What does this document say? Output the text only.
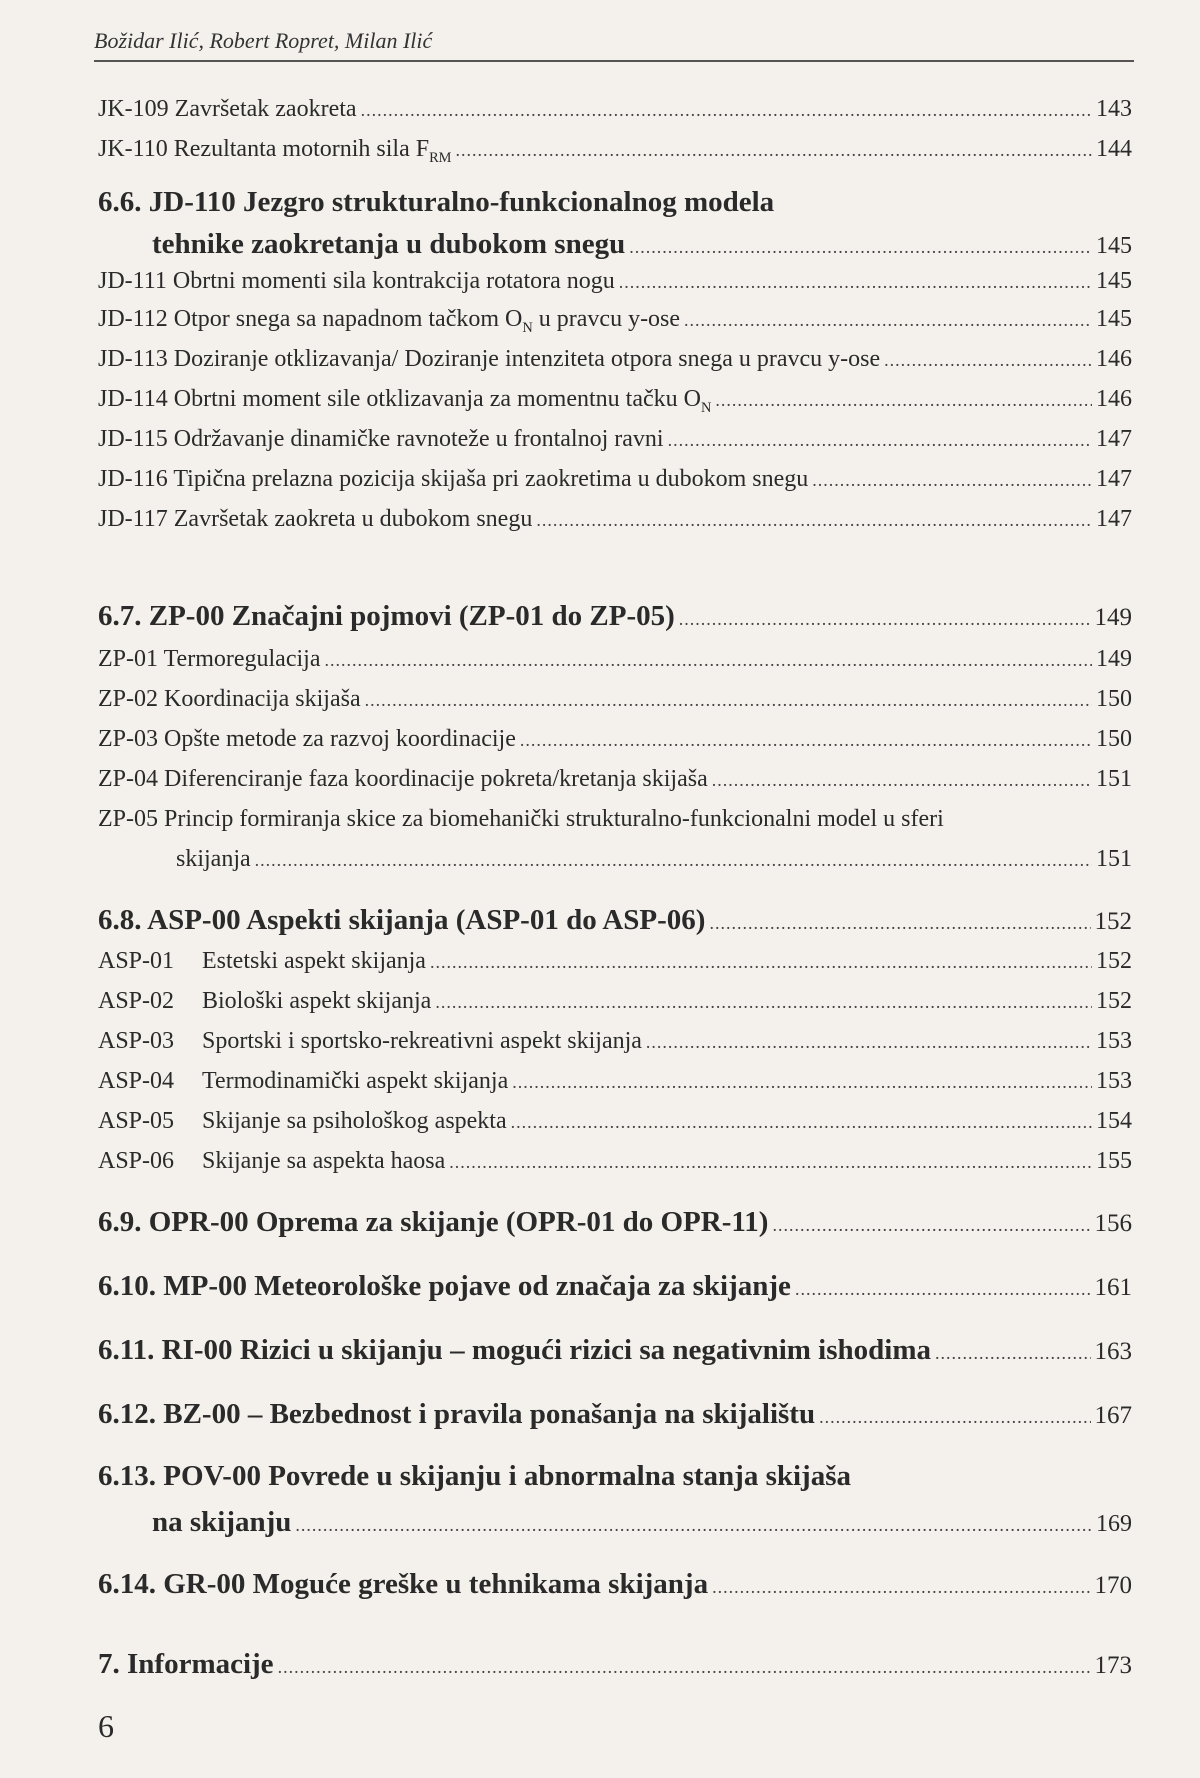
Božidar Ilić, Robert Ropret, Milan Ilić
JK-109 Završetak zaokreta .....	143
JK-110 Rezultanta motornih sila $F_{RM}$ .....	144
6.6. JD-110 Jezgro strukturalno-funkcionalnog modela
tehnike zaokretanja u dubokom snegu .....	145
JD-111 Obrtni momenti sila kontrakcija rotatora nogu .....	145
JD-112 Otpor snega sa napadnom tačkom $O_N$ u pravcu y-ose .....	145
JD-113 Doziranje otklizavanja/ Doziranje intenziteta otpora snega u pravcu y-ose .....	146
JD-114 Obrtni moment sile otklizavanja za momentnu tačku $O_N$ .....	146
JD-115 Održavanje dinamičke ravnoteže u frontalnoj ravni .....	147
JD-116 Tipična prelazna pozicija skijaša pri zaokretima u dubokom snegu .....	147
JD-117 Završetak zaokreta u dubokom snegu .....	147
6.7. ZP-00 Značajni pojmovi (ZP-01 do ZP-05) .....	149
ZP-01 Termoregulacija .....	149
ZP-02 Koordinacija skijaša .....	150
ZP-03 Opšte metode za razvoj koordinacije .....	150
ZP-04 Diferenciranje faza koordinacije pokreta/kretanja skijaša .....	151
ZP-05 Princip formiranja skice za biomehanički strukturalno-funkcionalni model u sferi
skijanja .....	151
6.8. ASP-00 Aspekti skijanja (ASP-01 do ASP-06) .....	152
ASP-01 Estetski aspekt skijanja .....	152
ASP-02 Biološki aspekt skijanja .....	152
ASP-03 Sportski i sportsko-rekreativni aspekt skijanja .....	153
ASP-04 Termodinamički aspekt skijanja .....	153
ASP-05 Skijanje sa psihološkog aspekta .....	154
ASP-06 Skijanje sa aspekta haosa .....	155
6.9. OPR-00 Oprema za skijanje (OPR-01 do OPR-11) .....	156
6.10. MP-00 Meteorološke pojave od značaja za skijanje .....	161
6.11. RI-00 Rizici u skijanju – mogući rizici sa negativnim ishodima .....	163
6.12. BZ-00 – Bezbednost i pravila ponašanja na skijalištu .....	167
6.13. POV-00 Povrede u skijanju i abnormalna stanja skijaša
na skijanju .....	169
6.14. GR-00 Moguće greške u tehnikama skijanja .....	170
7. Informacije .....	173
6
